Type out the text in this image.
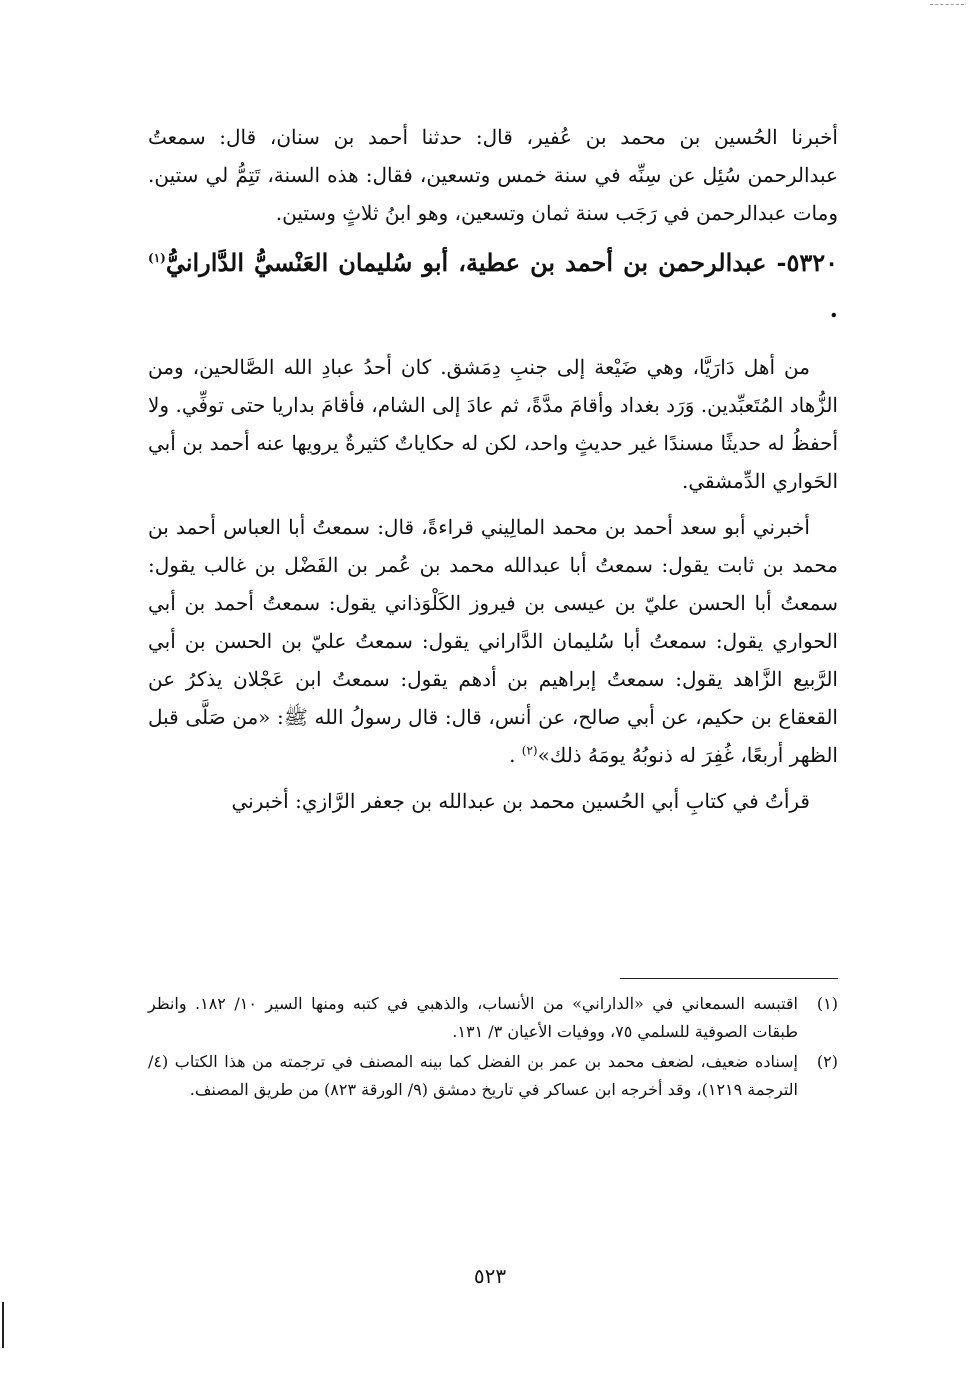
أخبرنا الحُسين بن محمد بن عُفير، قال: حدثنا أحمد بن سنان، قال: سمعتُ عبدالرحمن سُئِل عن سِنِّه في سنة خمس وتسعين، فقال: هذه السنة، تَتِمُّ لي ستين. ومات عبدالرحمن في رَجَب سنة ثمان وتسعين، وهو ابنُ ثلاثٍ وستين.

٥٣٢٠- عبدالرحمن بن أحمد بن عطية، أبو سُليمان العَنْسيُّ الدَّارانيُّ$^{(١)}$ .

من أهل دَارَيَّا، وهي ضَيْعة إلى جنبِ دِمَشق. كان أحدُ عبادِ الله الصَّالحين، ومن الزُّهاد المُتَعبِّدين. وَرَد بغداد وأقامَ مدَّةً، ثم عادَ إلى الشام، فأقامَ بداريا حتى توفِّي. ولا أحفظُ له حديثًا مسندًا غير حديثٍ واحد، لكن له حكاياتٌ كثيرةٌ يرويها عنه أحمد بن أبي الحَواري الدِّمشقي.

أخبرني أبو سعد أحمد بن محمد المالِيني قراءةً، قال: سمعتُ أبا العباس أحمد بن محمد بن ثابت يقول: سمعتُ أبا عبدالله محمد بن عُمر بن الفَضْل بن غالب يقول: سمعتُ أبا الحسن عليّ بن عيسى بن فيروز الكَلْوَذاني يقول: سمعتُ أحمد بن أبي الحواري يقول: سمعتُ أبا سُليمان الدَّاراني يقول: سمعتُ عليّ بن الحسن بن أبي الرَّبيع الزَّاهد يقول: سمعتُ إبراهيم بن أدهم يقول: سمعتُ ابن عَجْلان يذكرُ عن القعقاع بن حكيم، عن أبي صالح، عن أنس، قال: قال رسولُ الله ﷺ: «من صَلَّى قبل الظهر أربعًا، غُفِرَ له ذنوبُهُ يومَهُ ذلك»$^{(٢)}$ .

قرأتُ في كتابِ أبي الحُسين محمد بن عبدالله بن جعفر الرَّازي: أخبرني

(١)
اقتبسه السمعاني في «الداراني» من الأنساب، والذهبي في كتبه ومنها السير ١٠/ ١٨٢. وانظر طبقات الصوفية للسلمي ٧٥، ووفيات الأعيان ٣/ ١٣١.
(٢)
إسناده ضعيف، لضعف محمد بن عمر بن الفضل كما بينه المصنف في ترجمته من هذا الكتاب (٤/ الترجمة ١٢١٩)، وقد أخرجه ابن عساكر في تاريخ دمشق (٩/ الورقة ٨٢٣) من طريق المصنف.
٥٢٣
